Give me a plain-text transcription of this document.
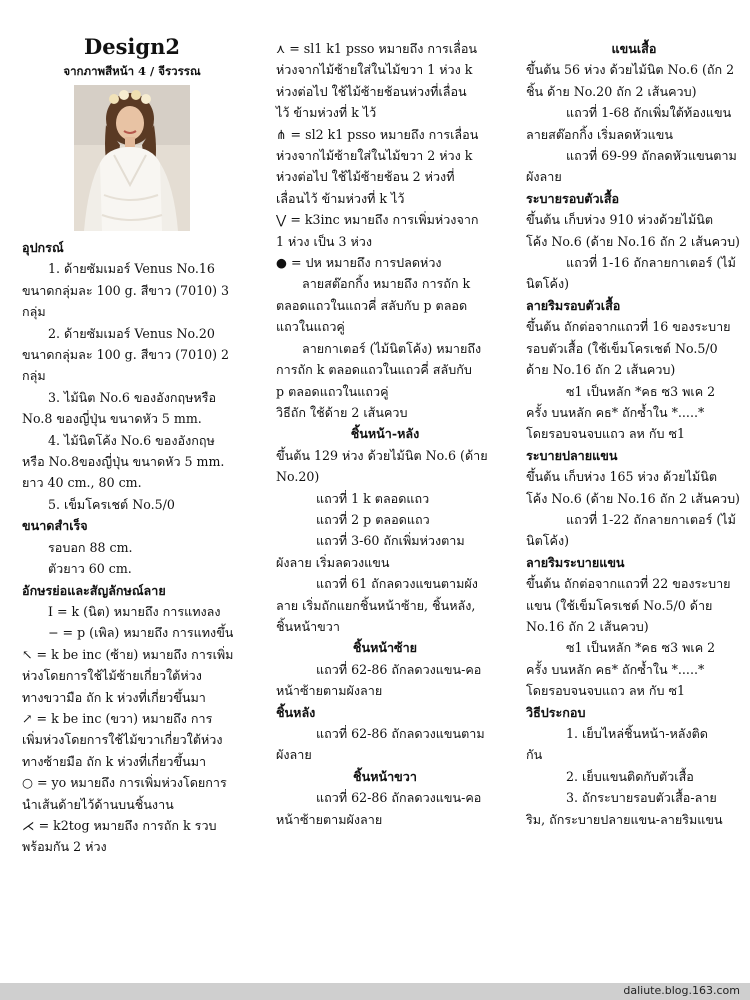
Design2
จากภาพสีหน้า 4 / จีรวรรณ

อุปกรณ์

1. ด้ายซัมเมอร์ Venus No.16

ขนาดกลุ่มละ 100 g. สีขาว (7010) 3

กลุ่ม

2. ด้ายซัมเมอร์ Venus No.20

ขนาดกลุ่มละ 100 g. สีขาว (7010) 2

กลุ่ม

3. ไม้นิต No.6 ของอังกฤษหรือ

No.8 ของญี่ปุ่น ขนาดหัว 5 mm.

4. ไม้นิตโค้ง No.6 ของอังกฤษ

หรือ No.8ของญี่ปุ่น ขนาดหัว 5 mm.

ยาว 40 cm., 80 cm.

5. เข็มโครเชต์ No.5/0

ขนาดสำเร็จ

รอบอก 88 cm.

ตัวยาว 60 cm.

อักษรย่อและสัญลักษณ์ลาย

I = k (นิต) หมายถึง การแทงลง

− = p (เพิล) หมายถึง การแทงขึ้น

↖ = k be inc (ซ้าย) หมายถึง การเพิ่ม

ห่วงโดยการใช้ไม้ซ้ายเกี่ยวใต้ห่วง

ทางขวามือ ถัก k ห่วงที่เกี่ยวขึ้นมา

↗ = k be inc (ขวา) หมายถึง การ

เพิ่มห่วงโดยการใช้ไม้ขวาเกี่ยวใต้ห่วง

ทางซ้ายมือ ถัก k ห่วงที่เกี่ยวขึ้นมา

○ = yo หมายถึง การเพิ่มห่วงโดยการ

นำเส้นด้ายไว้ด้านบนชิ้นงาน

⋌ = k2tog หมายถึง การถัก k รวบ

พร้อมกัน 2 ห่วง

⋏ = sl1 k1 psso หมายถึง การเลื่อน

ห่วงจากไม้ซ้ายใส่ในไม้ขวา 1 ห่วง k

ห่วงต่อไป ใช้ไม้ซ้ายช้อนห่วงที่เลื่อน

ไว้ ข้ามห่วงที่ k ไว้

⋔ = sl2 k1 psso หมายถึง การเลื่อน

ห่วงจากไม้ซ้ายใส่ในไม้ขวา 2 ห่วง k

ห่วงต่อไป ใช้ไม้ซ้ายช้อน 2 ห่วงที่

เลื่อนไว้ ข้ามห่วงที่ k ไว้

⋁ = k3inc หมายถึง การเพิ่มห่วงจาก

1 ห่วง เป็น 3 ห่วง

● = ปห หมายถึง การปลดห่วง

ลายสต๊อกกิ้ง หมายถึง การถัก k

ตลอดแถวในแถวคี่ สลับกับ p ตลอด

แถวในแถวคู่

ลายกาเตอร์ (ไม้นิตโค้ง) หมายถึง

การถัก k ตลอดแถวในแถวคี่ สลับกับ

p ตลอดแถวในแถวคู่

วิธีถัก ใช้ด้าย 2 เส้นควบ

ชิ้นหน้า-หลัง

ขึ้นต้น 129 ห่วง ด้วยไม้นิต No.6 (ด้าย

No.20)

แถวที่ 1 k ตลอดแถว

แถวที่ 2 p ตลอดแถว

แถวที่ 3-60 ถักเพิ่มห่วงตาม

ผังลาย เริ่มลดวงแขน

แถวที่ 61 ถักลดวงแขนตามผัง

ลาย เริ่มถักแยกชิ้นหน้าซ้าย, ชิ้นหลัง,

ชิ้นหน้าขวา

ชิ้นหน้าซ้าย

แถวที่ 62-86 ถักลดวงแขน-คอ

หน้าซ้ายตามผังลาย

ชิ้นหลัง

แถวที่ 62-86 ถักลดวงแขนตาม

ผังลาย

ชิ้นหน้าขวา

แถวที่ 62-86 ถักลดวงแขน-คอ

หน้าซ้ายตามผังลาย

แขนเสื้อ

ขึ้นต้น 56 ห่วง ด้วยไม้นิต No.6 (ถัก 2

ชิ้น ด้าย No.20 ถัก 2 เส้นควบ)

แถวที่ 1-68 ถักเพิ่มใต้ท้องแขน

ลายสต๊อกกิ้ง เริ่มลดหัวแขน

แถวที่ 69-99 ถักลดหัวแขนตาม

ผังลาย

ระบายรอบตัวเสื้อ

ขึ้นต้น เก็บห่วง 910 ห่วงด้วยไม้นิต

โค้ง No.6 (ด้าย No.16 ถัก 2 เส้นควบ)

แถวที่ 1-16 ถักลายกาเตอร์ (ไม้

นิตโค้ง)

ลายริมรอบตัวเสื้อ

ขึ้นต้น ถักต่อจากแถวที่ 16 ของระบาย

รอบตัวเสื้อ (ใช้เข็มโครเชต์ No.5/0

ด้าย No.16 ถัก 2 เส้นควบ)

ซ1 เป็นหลัก *คธ ซ3 พเค 2

ครั้ง บนหลัก คธ* ถักซ้ำใน *.....*

โดยรอบจนจบแถว ลห กับ ซ1

ระบายปลายแขน

ขึ้นต้น เก็บห่วง 165 ห่วง ด้วยไม้นิต

โค้ง No.6 (ด้าย No.16 ถัก 2 เส้นควบ)

แถวที่ 1-22 ถักลายกาเตอร์ (ไม้

นิตโค้ง)

ลายริมระบายแขน

ขึ้นต้น ถักต่อจากแถวที่ 22 ของระบาย

แขน (ใช้เข็มโครเชต์ No.5/0 ด้าย

No.16 ถัก 2 เส้นควบ)

ซ1 เป็นหลัก *คธ ซ3 พเค 2

ครั้ง บนหลัก คธ* ถักซ้ำใน *.....*

โดยรอบจนจบแถว ลห กับ ซ1

วิธีประกอบ

1. เย็บไหล่ชิ้นหน้า-หลังติด

กัน

2. เย็บแขนติดกับตัวเสื้อ

3. ถักระบายรอบตัวเสื้อ-ลาย

ริม, ถักระบายปลายแขน-ลายริมแขน

daliute.blog.163.com
